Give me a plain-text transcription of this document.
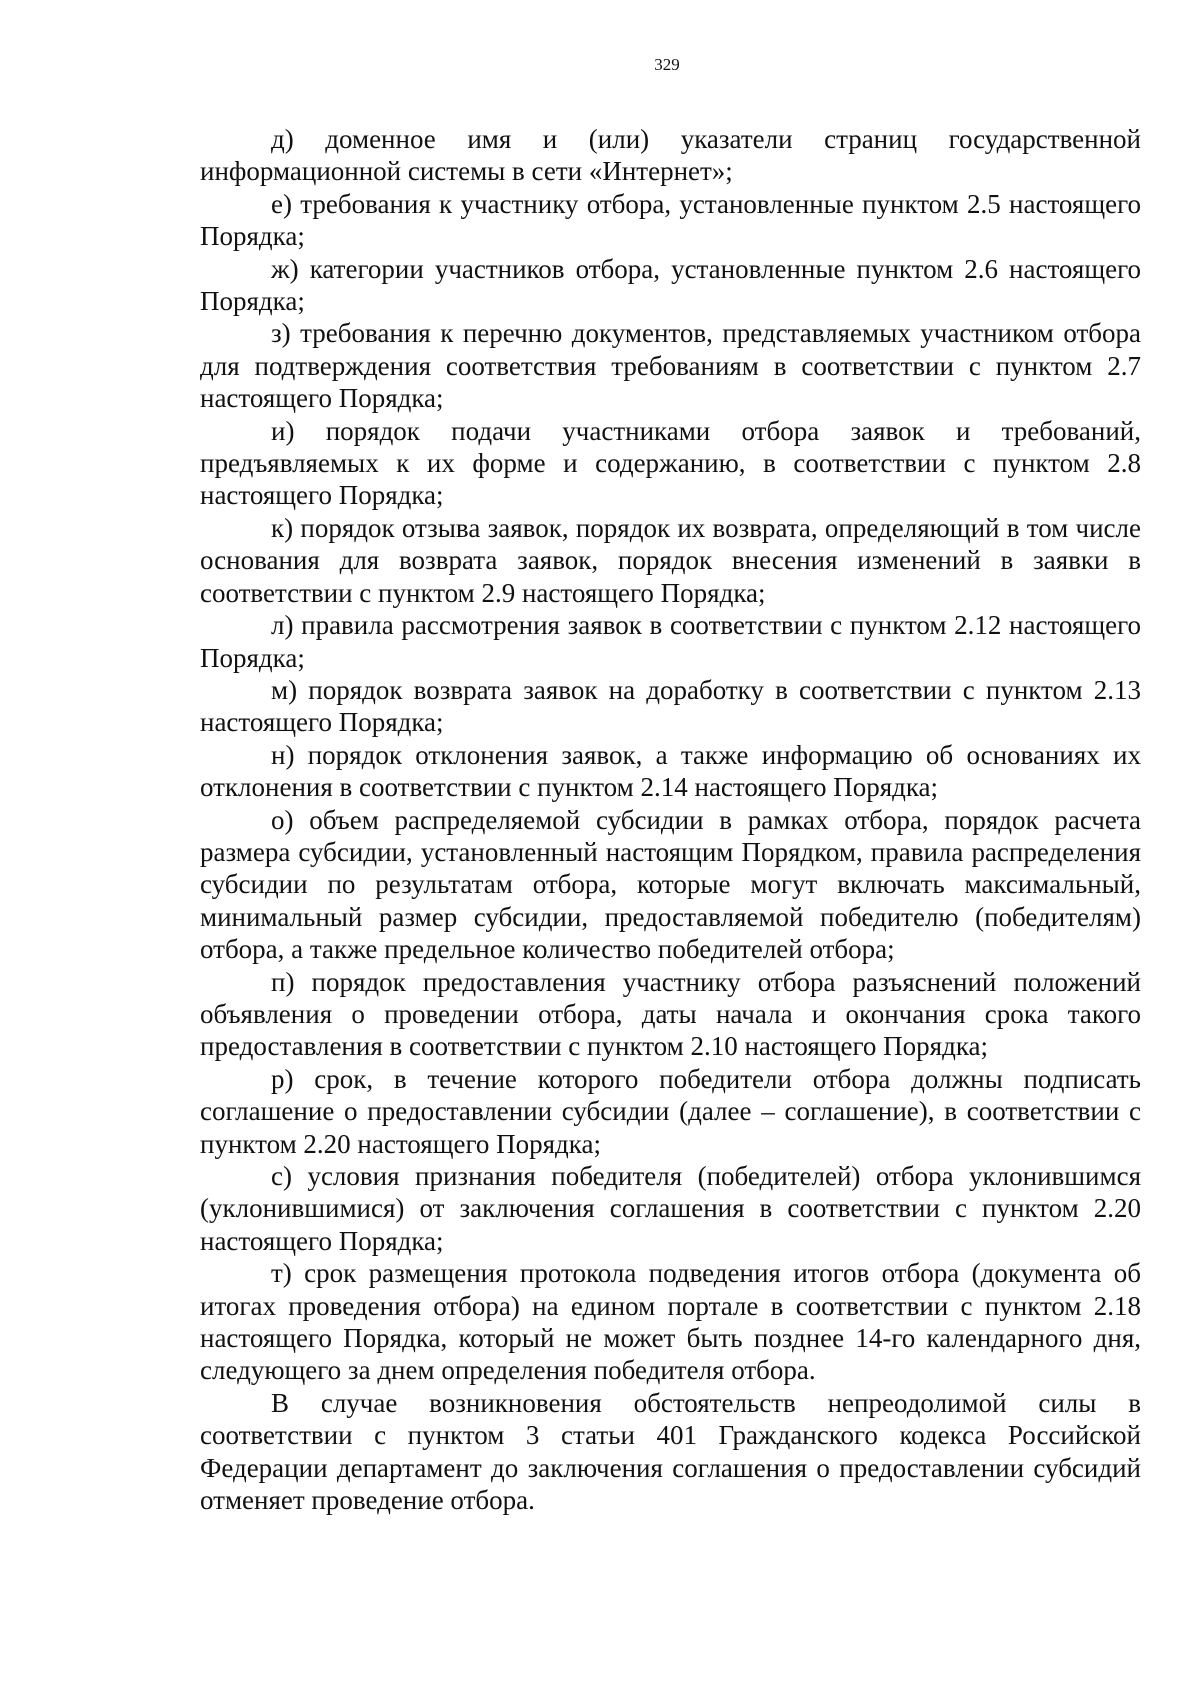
329

д) доменное имя и (или) указатели страниц государственной информационной системы в сети «Интернет»;

е) требования к участнику отбора, установленные пунктом 2.5 настоящего Порядка;

ж) категории участников отбора, установленные пунктом 2.6 настоящего Порядка;

з) требования к перечню документов, представляемых участником отбора для подтверждения соответствия требованиям в соответствии с пунктом 2.7 настоящего Порядка;

и) порядок подачи участниками отбора заявок и требований, предъявляемых к их форме и содержанию, в соответствии с пунктом 2.8 настоящего Порядка;

к) порядок отзыва заявок, порядок их возврата, определяющий в том числе основания для возврата заявок, порядок внесения изменений в заявки в соответствии с пунктом 2.9 настоящего Порядка;

л) правила рассмотрения заявок в соответствии с пунктом 2.12 настоящего Порядка;

м) порядок возврата заявок на доработку в соответствии с пунктом 2.13 настоящего Порядка;

н) порядок отклонения заявок, а также информацию об основаниях их отклонения в соответствии с пунктом 2.14 настоящего Порядка;

о) объем распределяемой субсидии в рамках отбора, порядок расчета размера субсидии, установленный настоящим Порядком, правила распределения субсидии по результатам отбора, которые могут включать максимальный, минимальный размер субсидии, предоставляемой победителю (победителям) отбора, а также предельное количество победителей отбора;

п) порядок предоставления участнику отбора разъяснений положений объявления о проведении отбора, даты начала и окончания срока такого предоставления в соответствии с пунктом 2.10 настоящего Порядка;

р) срок, в течение которого победители отбора должны подписать соглашение о предоставлении субсидии (далее – соглашение), в соответствии с пунктом 2.20 настоящего Порядка;

с) условия признания победителя (победителей) отбора уклонившимся (уклонившимися) от заключения соглашения в соответствии с пунктом 2.20 настоящего Порядка;

т) срок размещения протокола подведения итогов отбора (документа об итогах проведения отбора) на едином портале в соответствии с пунктом 2.18 настоящего Порядка, который не может быть позднее 14-го календарного дня, следующего за днем определения победителя отбора.

В случае возникновения обстоятельств непреодолимой силы в соответствии с пунктом 3 статьи 401 Гражданского кодекса Российской Федерации департамент до заключения соглашения о предоставлении субсидий отменяет проведение отбора.
